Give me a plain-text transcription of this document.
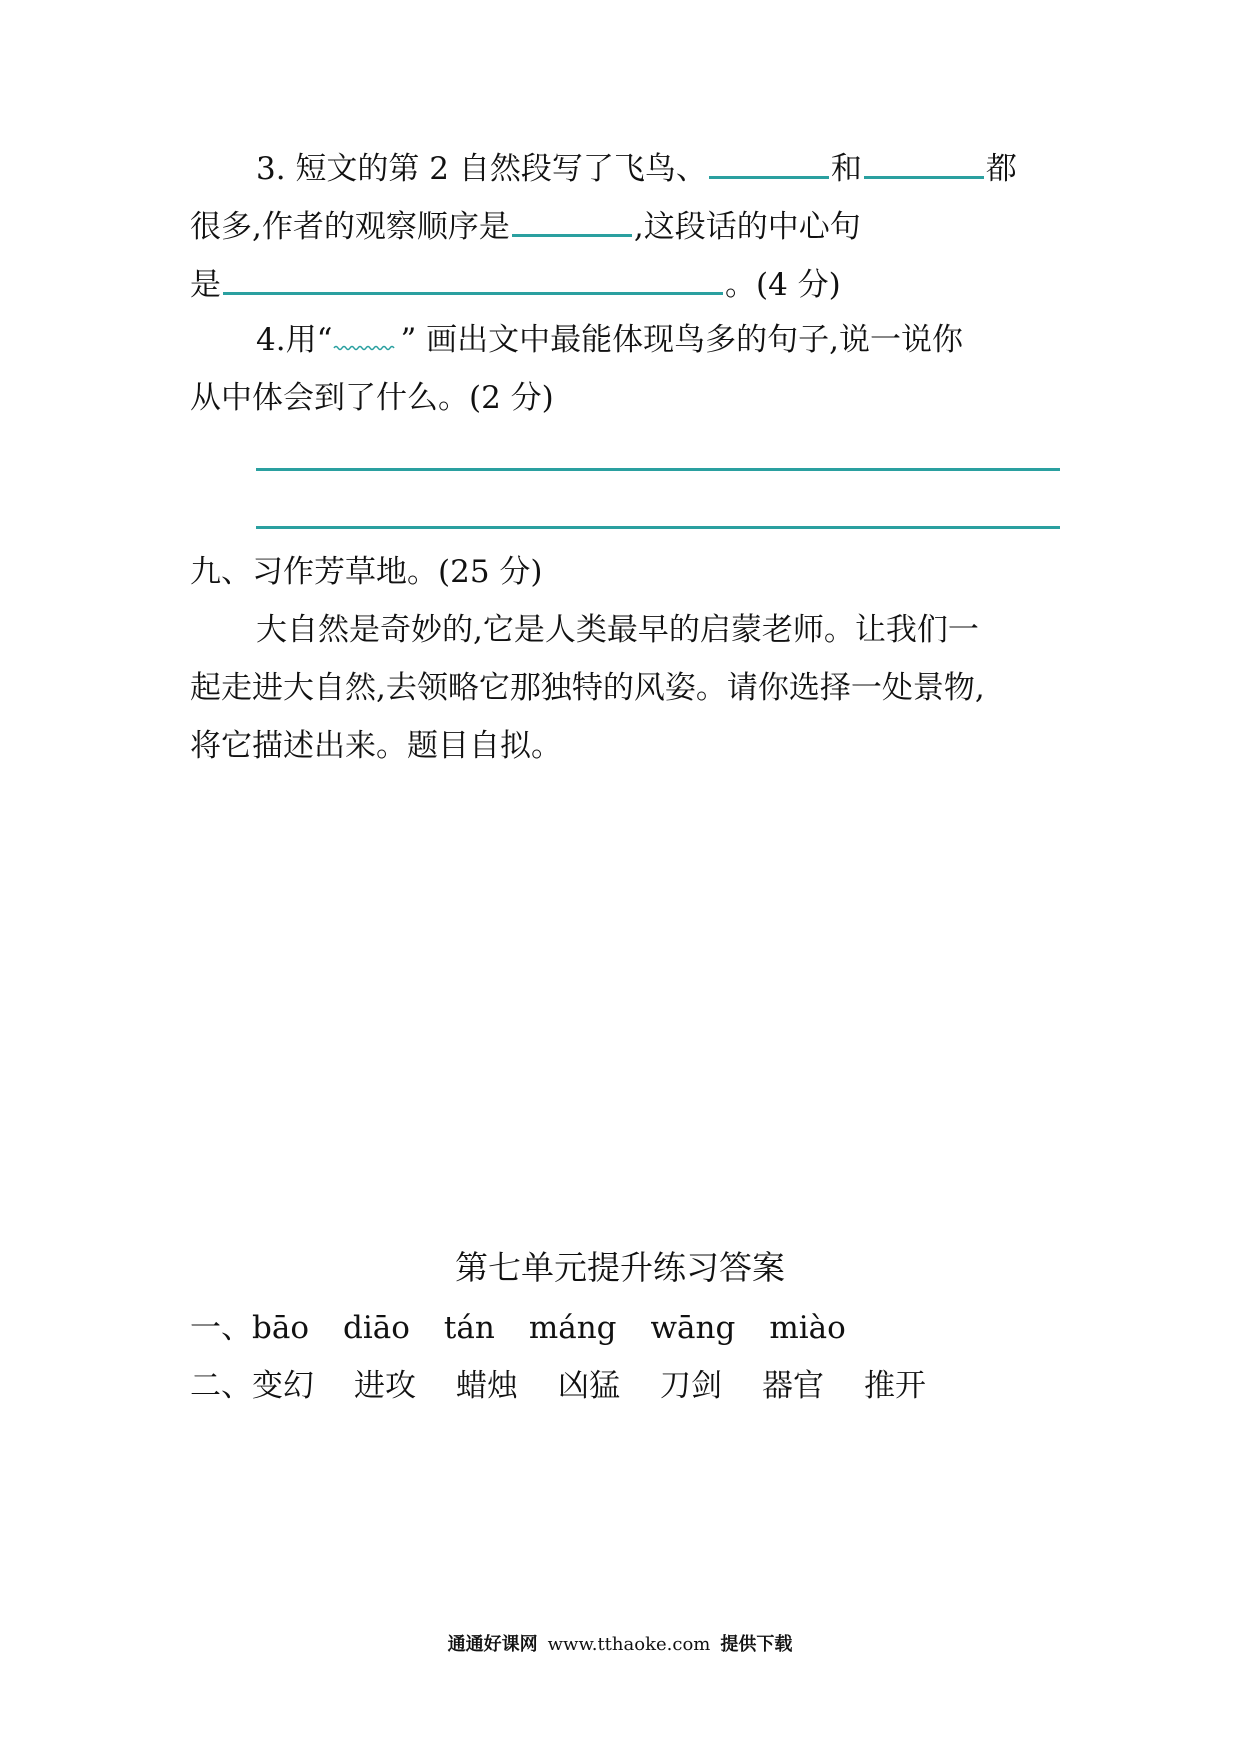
3. 短文的第 2 自然段写了飞鸟、	和	都
很多,作者的观察顺序是	,这段话的中心句
是	。(4 分)
4.用“ ” 画出文中最能体现鸟多的句子,说一说你
从中体会到了什么。(2 分)
九、习作芳草地。(25 分)
大自然是奇妙的,它是人类最早的启蒙老师。让我们一
起走进大自然,去领略它那独特的风姿。请你选择一处景物,
将它描述出来。题目自拟。
第七单元提升练习答案
一、bāo diāo tán máng wāng miào
二、变幻 进攻 蜡烛 凶猛 刀剑 器官 推开
通通好课网 www.tthaoke.com 提供下载
